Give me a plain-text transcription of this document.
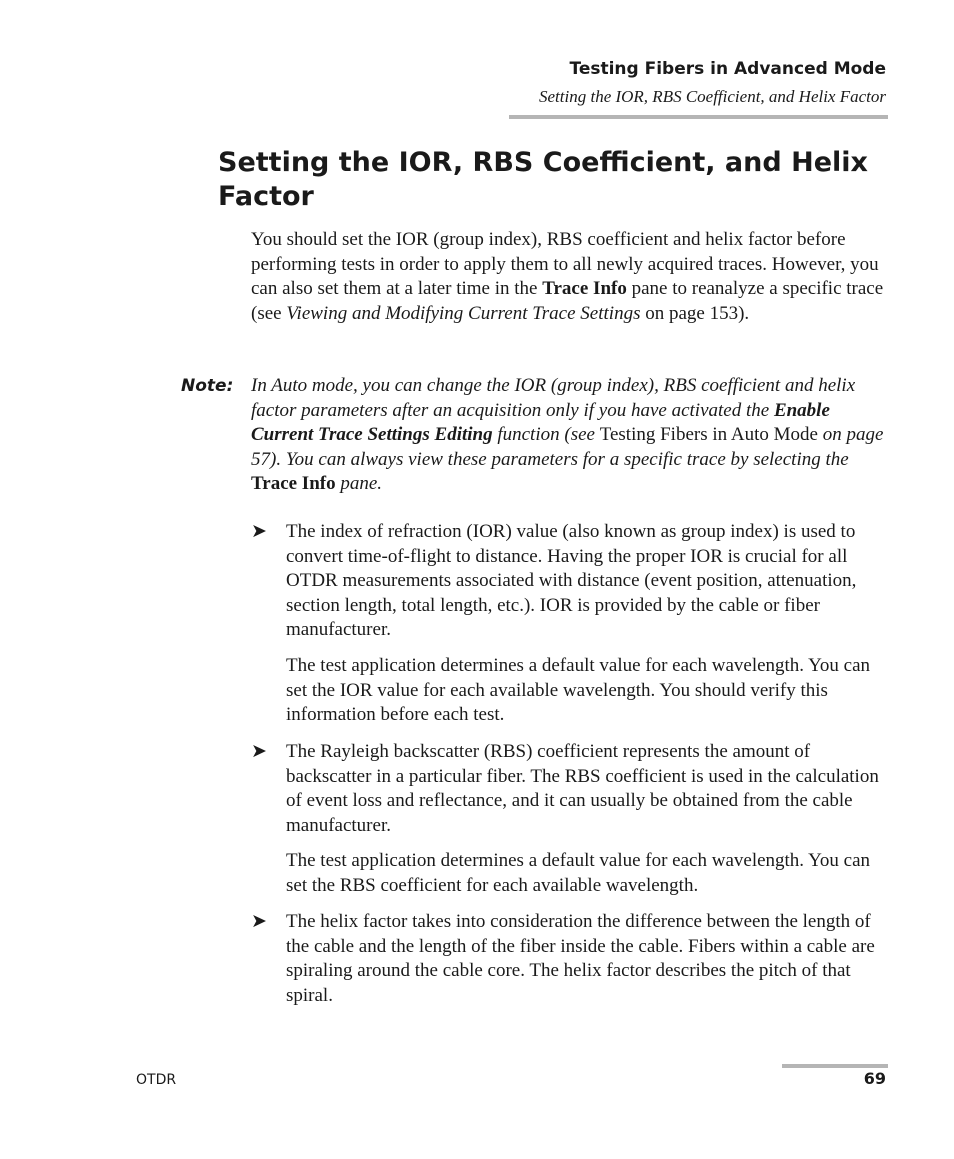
Testing Fibers in Advanced Mode
Setting the IOR, RBS Coefficient, and Helix Factor
Setting the IOR, RBS Coefficient, and Helix Factor

You should set the IOR (group index), RBS coefficient and helix factor before performing tests in order to apply them to all newly acquired traces. However, you can also set them at a later time in the Trace Info pane to reanalyze a specific trace (see Viewing and Modifying Current Trace Settings on page 153).

Note: In Auto mode, you can change the IOR (group index), RBS coefficient and helix factor parameters after an acquisition only if you have activated the Enable Current Trace Settings Editing function (see Testing Fibers in Auto Mode on page 57). You can always view these parameters for a specific trace by selecting the Trace Info pane.

➤ The index of refraction (IOR) value (also known as group index) is used to convert time-of-flight to distance. Having the proper IOR is crucial for all OTDR measurements associated with distance (event position, attenuation, section length, total length, etc.). IOR is provided by the cable or fiber manufacturer.

The test application determines a default value for each wavelength. You can set the IOR value for each available wavelength. You should verify this information before each test.

➤ The Rayleigh backscatter (RBS) coefficient represents the amount of backscatter in a particular fiber. The RBS coefficient is used in the calculation of event loss and reflectance, and it can usually be obtained from the cable manufacturer.

The test application determines a default value for each wavelength. You can set the RBS coefficient for each available wavelength.

➤ The helix factor takes into consideration the difference between the length of the cable and the length of the fiber inside the cable. Fibers within a cable are spiraling around the cable core. The helix factor describes the pitch of that spiral.

OTDR	69
